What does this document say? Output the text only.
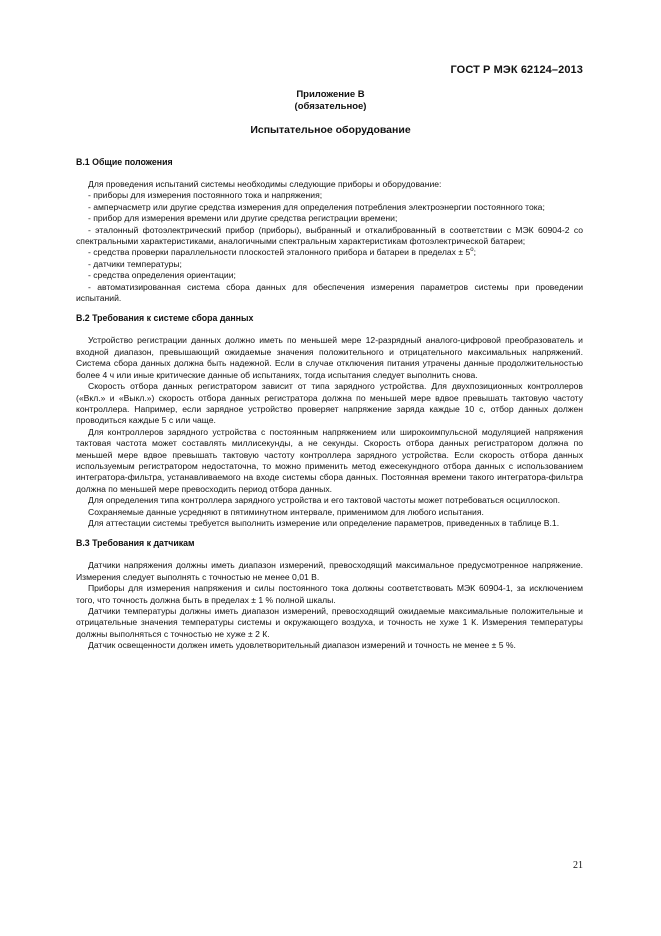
ГОСТ Р МЭК 62124–2013
Приложение В
(обязательное)
Испытательное оборудование
В.1 Общие положения

Для проведения испытаний системы необходимы следующие приборы и оборудование:

- приборы для измерения постоянного тока и напряжения;

- амперчасметр или другие средства измерения для определения потребления электроэнергии постоянного тока;

- прибор для измерения времени или другие средства регистрации времени;

- эталонный фотоэлектрический прибор (приборы), выбранный и откалиброванный в соответствии с МЭК 60904-2 со спектральными характеристиками, аналогичными спектральным характеристикам фотоэлектрической батареи;

- средства проверки параллельности плоскостей эталонного прибора и батареи в пределах ± $5^о$;

- датчики температуры;

- средства определения ориентации;

- автоматизированная система сбора данных для обеспечения измерения параметров системы при проведении испытаний.

В.2 Требования к системе сбора данных

Устройство регистрации данных должно иметь по меньшей мере 12-разрядный аналого-цифровой преобразователь и входной диапазон, превышающий ожидаемые значения положительного и отрицательного максимальных напряжений. Система сбора данных должна быть надежной. Если в случае отключения питания утрачены данные продолжительностью более 4 ч или иные критические данные об испытаниях, тогда испытания следует выполнить снова.

Скорость отбора данных регистратором зависит от типа зарядного устройства. Для двухпозиционных контроллеров («Вкл.» и «Выкл.») скорость отбора данных регистратора должна по меньшей мере вдвое превышать тактовую частоту контроллера. Например, если зарядное устройство проверяет напряжение заряда каждые 10 с, отбор данных должен проводиться каждые 5 с или чаще.

Для контроллеров зарядного устройства с постоянным напряжением или широкоимпульсной модуляцией напряжения тактовая частота может составлять миллисекунды, а не секунды. Скорость отбора данных регистратором должна по меньшей мере вдвое превышать тактовую частоту контроллера зарядного устройства. Если скорость отбора данных используемым регистратором недостаточна, то можно применить метод ежесекундного отбора данных с использованием интегратора-фильтра, устанавливаемого на входе системы сбора данных. Постоянная времени такого интегратора-фильтра должна по меньшей мере превосходить период отбора данных.

Для определения типа контроллера зарядного устройства и его тактовой частоты может потребоваться осциллоскоп.

Сохраняемые данные усредняют в пятиминутном интервале, применимом для любого испытания.

Для аттестации системы требуется выполнить измерение или определение параметров, приведенных в таблице В.1.

В.3 Требования к датчикам

Датчики напряжения должны иметь диапазон измерений, превосходящий максимальное предусмотренное напряжение. Измерения следует выполнять с точностью не менее 0,01 В.

Приборы для измерения напряжения и силы постоянного тока должны соответствовать МЭК 60904-1, за исключением того, что точность должна быть в пределах ± 1 % полной шкалы.

Датчики температуры должны иметь диапазон измерений, превосходящий ожидаемые максимальные положительные и отрицательные значения температуры системы и окружающего воздуха, и точность не хуже 1 К. Измерения температуры должны выполняться с точностью не хуже ± 2 К.

Датчик освещенности должен иметь удовлетворительный диапазон измерений и точность не менее ± 5 %.

21
